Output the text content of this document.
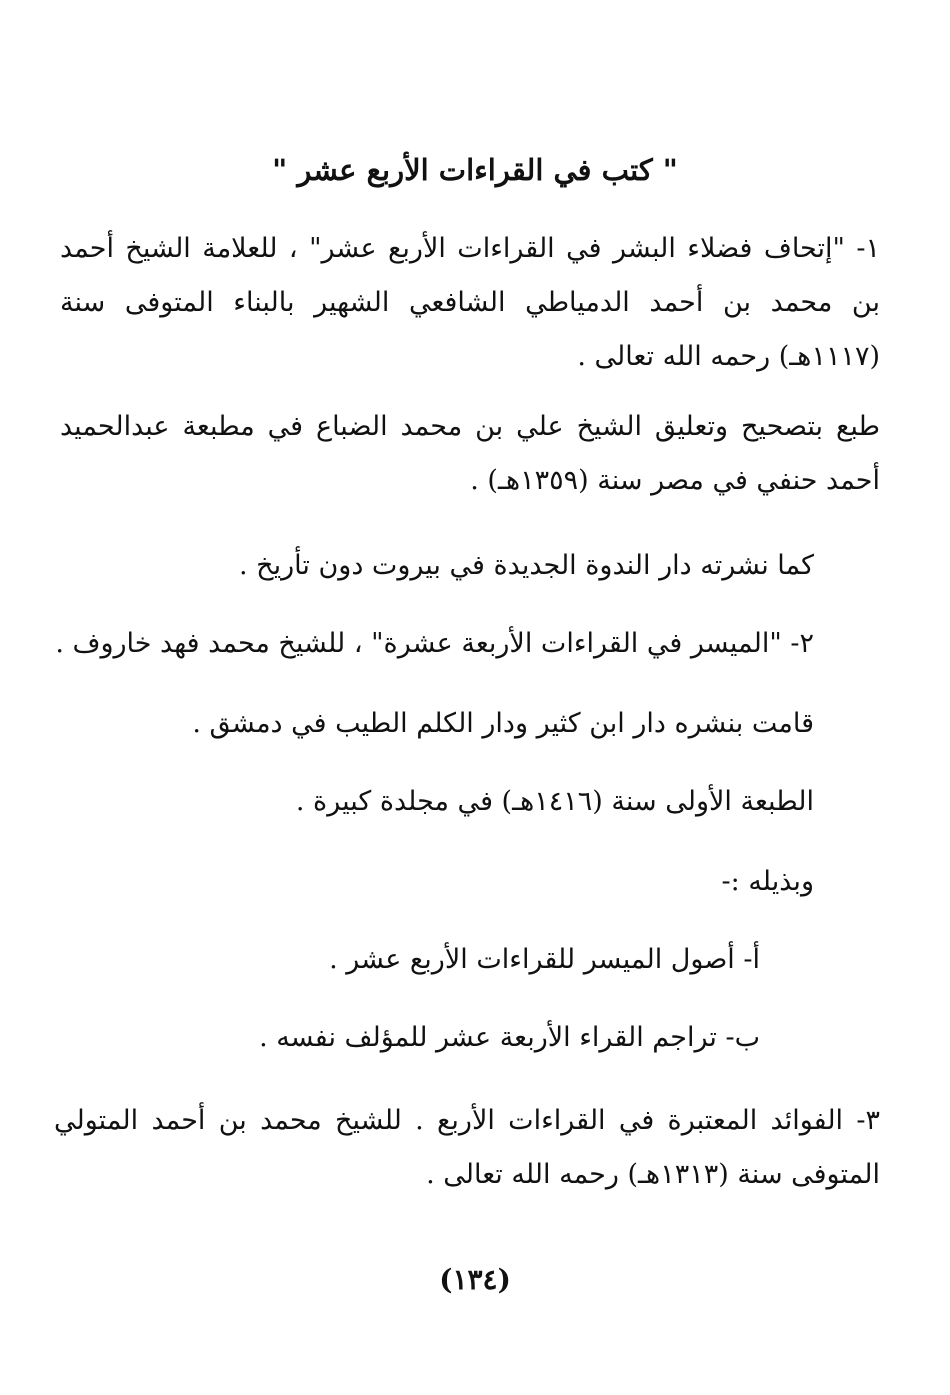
" كتب في القراءات الأربع عشر "
١- "إتحاف فضلاء البشر في القراءات الأربع عشر" ، للعلامة الشيخ أحمد بن محمد بن أحمد الدمياطي الشافعي الشهير بالبناء المتوفى سنة (١١١٧هـ) رحمه الله تعالى .
طبع بتصحيح وتعليق الشيخ علي بن محمد الضباع في مطبعة عبدالحميد أحمد حنفي في مصر سنة (١٣٥٩هـ) .
كما نشرته دار الندوة الجديدة في بيروت دون تأريخ .
٢- "الميسر في القراءات الأربعة عشرة" ، للشيخ محمد فهد خاروف .
قامت بنشره دار ابن كثير ودار الكلم الطيب في دمشق .
الطبعة الأولى سنة (١٤١٦هـ) في مجلدة كبيرة .
وبذيله :-
أ- أصول الميسر للقراءات الأربع عشر .
ب- تراجم القراء الأربعة عشر للمؤلف نفسه .
٣- الفوائد المعتبرة في القراءات الأربع . للشيخ محمد بن أحمد المتولي المتوفى سنة (١٣١٣هـ) رحمه الله تعالى .
(١٣٤)
